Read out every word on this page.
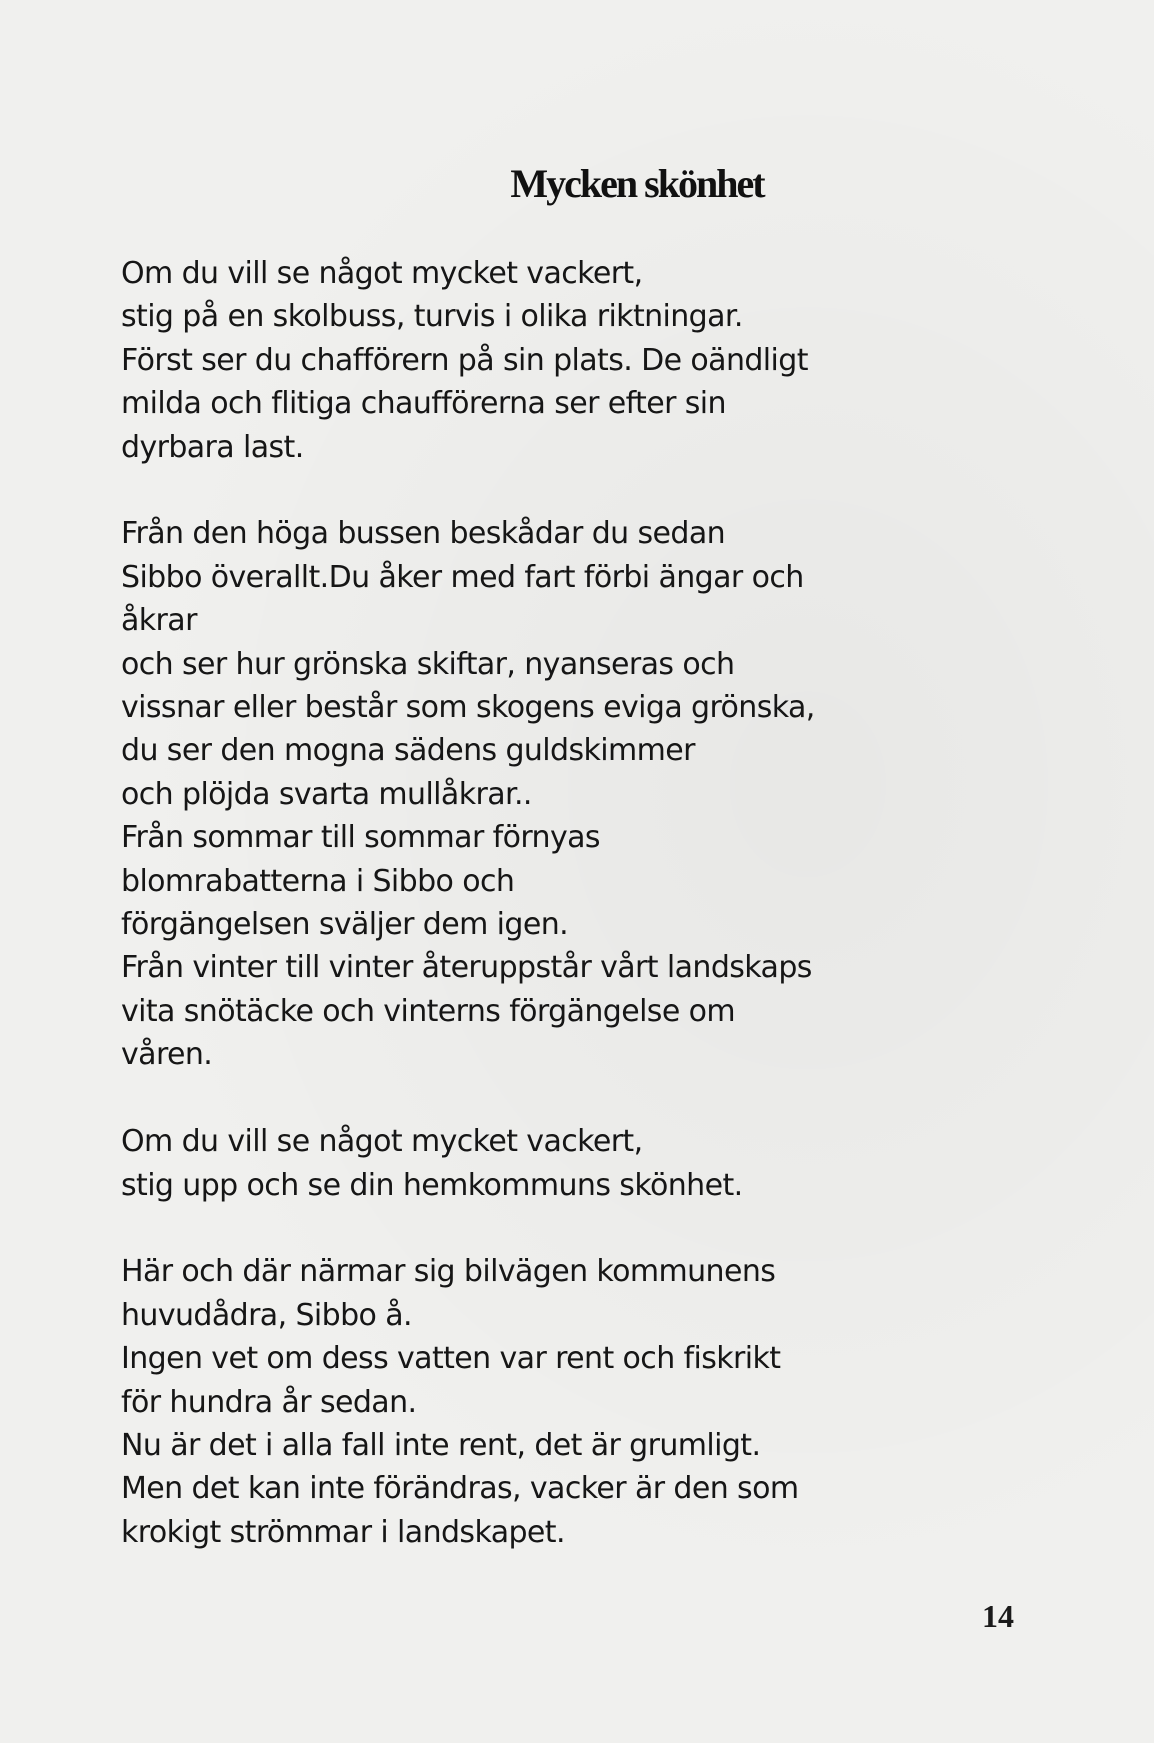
Mycken skönhet
Om du vill se något mycket vackert,
stig på en skolbuss, turvis i olika riktningar.
Först ser du chafförern på sin plats. De oändligt
milda och flitiga chaufförerna ser efter sin
dyrbara last.
Från den höga bussen beskådar du sedan
Sibbo överallt.Du åker med fart förbi ängar och
åkrar
och ser hur grönska skiftar, nyanseras och
vissnar eller består som skogens eviga grönska,
du ser den mogna sädens guldskimmer
och plöjda svarta mullåkrar..
Från sommar till sommar förnyas
blomrabatterna i Sibbo och
förgängelsen sväljer dem igen.
Från vinter till vinter återuppstår vårt landskaps
vita snötäcke och vinterns förgängelse om
våren.
Om du vill se något mycket vackert,
stig upp och se din hemkommuns skönhet.
Här och där närmar sig bilvägen kommunens
huvudådra, Sibbo å.
Ingen vet om dess vatten var rent och fiskrikt
för hundra år sedan.
Nu är det i alla fall inte rent, det är grumligt.
Men det kan inte förändras, vacker är den som
krokigt strömmar i landskapet.
14
